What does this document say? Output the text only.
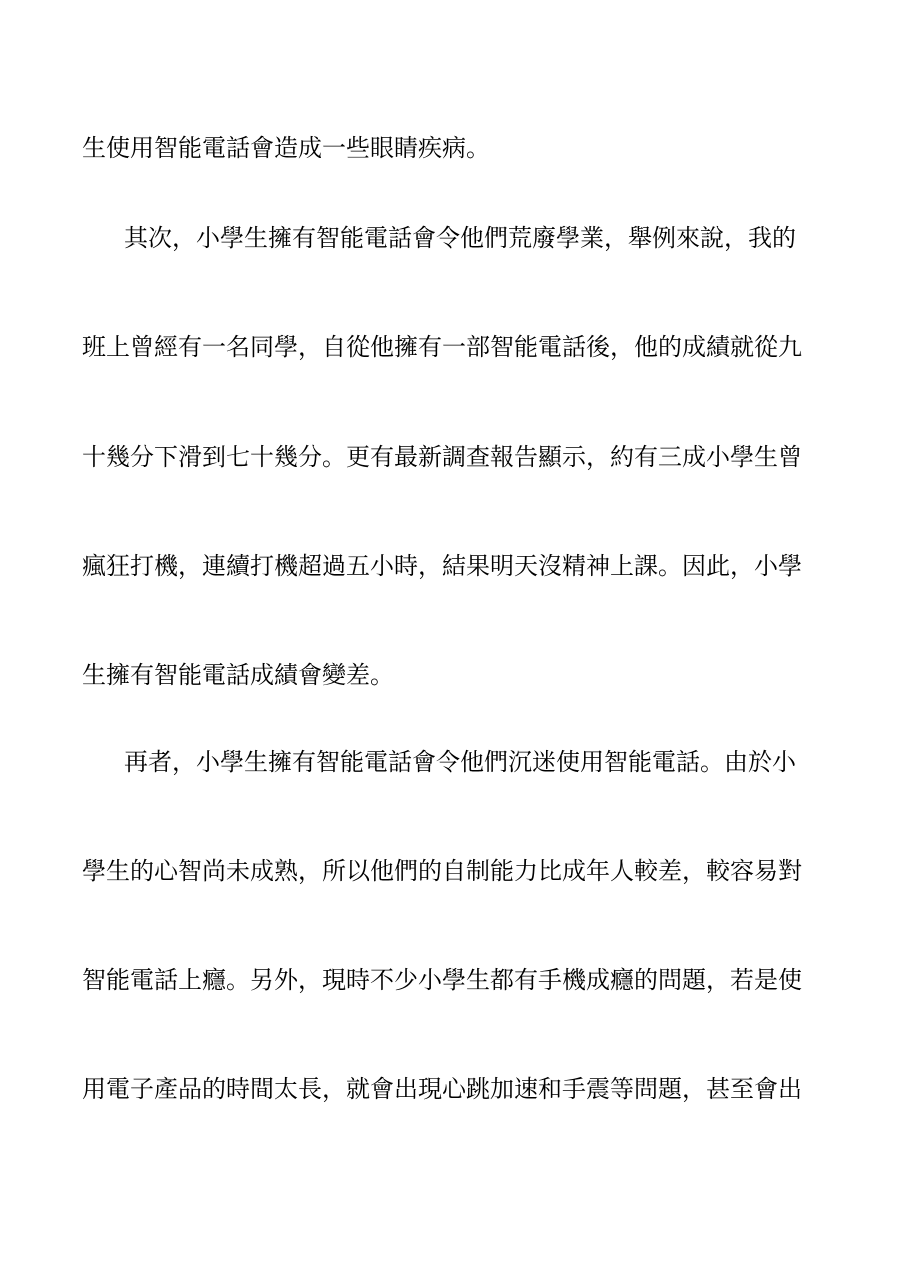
生使用智能電話會造成一些眼睛疾病。
其次，小學生擁有智能電話會令他們荒廢學業，舉例來說，我的
班上曾經有一名同學，自從他擁有一部智能電話後，他的成績就從九
十幾分下滑到七十幾分。更有最新調查報告顯示，約有三成小學生曾
瘋狂打機，連續打機超過五小時，結果明天沒精神上課。因此，小學
生擁有智能電話成績會變差。
再者，小學生擁有智能電話會令他們沉迷使用智能電話。由於小
學生的心智尚未成熟，所以他們的自制能力比成年人較差，較容易對
智能電話上癮。另外，現時不少小學生都有手機成癮的問題，若是使
用電子產品的時間太長，就會出現心跳加速和手震等問題，甚至會出
